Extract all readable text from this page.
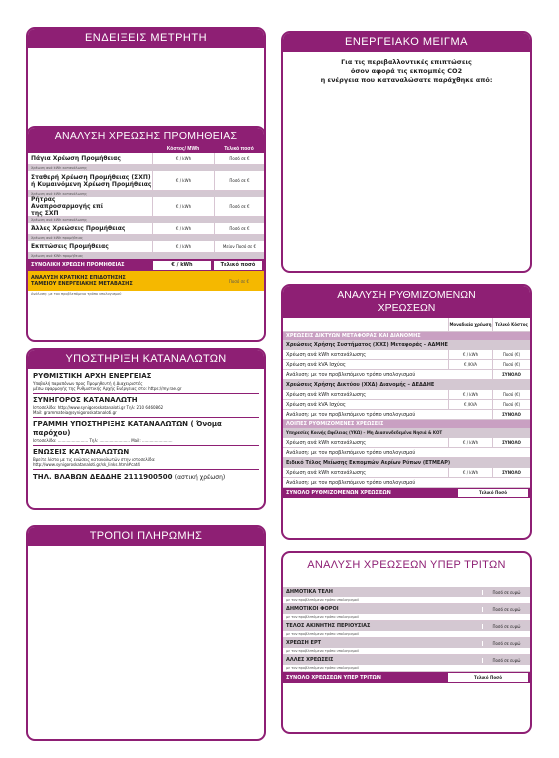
ΕΝΔΕΙΞΕΙΣ ΜΕΤΡΗΤΗ	ΕΝΕΡΓΕΙΑΚΟ ΜΕΙΓΜΑ
Για τις περιβαλλοντικές επιπτώσεις
όσον αφορά τις εκπομπές CO2
η ενέργεια που καταναλώσατε παράχθηκε από:
ΑΝΑΛΥΣΗ ΧΡΕΩΣΗΣ ΠΡΟΜΗΘΕΙΑΣ
Κόστος/ MWh	Τελικό ποσό
Πάγια Χρέωση Προμήθειας	€ / kWh	Ποσό σε €
Χρέωση ανά kWh κατανάλωσης
Σταθερή Χρέωση Προμήθειας (ΣΧΠ) ή Κυμαινόμενη Χρέωση Προμήθειας	€ / kWh	Ποσό σε €
Χρέωση ανά kWh κατανάλωσης
Ρήτρας Αναπροσαρμογής επί της ΣΧΠ
€ / kWh	Ποσό σε €
Χρέωση ανά kWh κατανάλωσης
Άλλες Χρεώσεις Προμήθειας	€ / kWh	Ποσό σε €
Χρέωση ανά kWh προμήθειας
Εκπτώσεις Προμήθειας	€ / kWh	Μείον Ποσό σε €
Χρέωση ανά KWh προμήθειας
ΣΥΝΟΛΙΚΗ ΧΡΕΩΣΗ ΠΡΟΜΗΘΕΙΑΣ	€ / kWh	Τελικό ποσό
ΑΝΑΛΥΣΗ ΚΡΑΤΙΚΗΣ ΕΠΙΔΟΤΗΣΗΣ
ΤΑΜΕΙΟΥ ΕΝΕΡΓΕΙΑΚΗΣ ΜΕΤΑΒΑΣΗΣ	Ποσό σε €
Ανάλυση: με τον προβλεπόμενο τρόπο υπολογισμού
ΥΠΟΣΤΗΡΙΞΗ ΚΑΤΑΝΑΛΩΤΩΝ
ΡΥΘΜΙΣΤΙΚΗ ΑΡΧΗ ΕΝΕΡΓΕΙΑΣ
Υποβολή παραπόνων προς Προμηθευτή ή Διαχειριστές
μέσω εφαρμογής της Ρυθμιστικής Αρχής Ενέργειας στο: https://my.rae.gr
ΣΥΝΗΓΟΡΟΣ ΚΑΤΑΝΑΛΩΤΗ
Ιστοσελίδα: http://www.synigoroskatanaloti.gr Τηλ: 210 6460862
Mail: grammateia@synigoroskatanaloti.gr
ΓΡΑΜΜΗ ΥΠΟΣΤΗΡΙΞΗΣ ΚΑΤΑΝΑΛΩΤΩΝ ( Όνομα παρόχου)
Ιστοσελίδα: ........................ Τηλ: ........................ Mail: ........................
ΕΝΩΣΕΙΣ ΚΑΤΑΝΑΛΩΤΩΝ
Βρείτε λίστα με τις ενώσεις καταναλωτών στην ιστοσελίδα:
http://www.synigoroskatanaloti.gr/sk_links.html#cat4
ΤΗΛ. ΒΛΑΒΩΝ ΔΕΔΔΗΕ 2111900500 (αστική χρέωση)
ΤΡΟΠΟΙ ΠΛΗΡΩΜΗΣ
ΑΝΑΛΥΣΗ ΡΥΘΜΙΖΟΜΕΝΩΝ
ΧΡΕΩΣΕΩΝ
Μοναδιαία χρέωση Τελικό Κόστος
ΧΡΕΩΣΕΙΣ ΔΙΚΤΥΩΝ ΜΕΤΑΦΟΡΑΣ ΚΑΙ ΔΙΑΝΟΜΗΣ
Χρεώσεις Χρήσης Συστήματος (ΧΧΣ) Μεταφοράς - ΑΔΜΗΕ
Χρέωση ανά kWh κατανάλωσης	€ / kWh	Ποσό (€)
Χρέωση ανά kVA Ισχύος	€ /KVA	Ποσό (€)
Ανάλυση: με τον προβλεπόμενο τρόπο υπολογισμού	ΣΥΝΟΛΟ
Χρεώσεις Χρήσης Δικτύου (ΧΧΔ) Διανομής – ΔΕΔΔΗΕ
Χρέωση ανά kWh κατανάλωσης	€ / kWh	Ποσό (€)
Χρέωση ανά kVA Ισχύος	€ /KVA	Ποσό (€)
Ανάλυση: με τον προβλεπόμενο τρόπο υπολογισμού	ΣΥΝΟΛΟ
ΛΟΙΠΕΣ ΡΥΘΜΙΖΟΜΕΝΕΣ ΧΡΕΩΣΕΙΣ
Υπηρεσίες Κοινής Ωφέλειας (ΥΚΩ) – Μη Διασυνδεδεμένα Νησιά & ΚΟΤ
Χρέωση ανά kWh κατανάλωσης	€ / kWh	ΣΥΝΟΛΟ
Ανάλυση: με τον προβλεπόμενο τρόπο υπολογισμού
Ειδικό Τέλος Μείωσης Εκπομπών Αερίων Ρύπων (ΕΤΜΕΑΡ)
Χρέωση ανά kWh κατανάλωσης	€ / kWh	ΣΥΝΟΛΟ
Ανάλυση: με τον προβλεπόμενο τρόπο υπολογισμού
ΣΥΝΟΛΟ ΡΥΘΜΙΖΟΜΕΝΩΝ ΧΡΕΩΣΕΩΝ	Τελικό Ποσό
ΑΝΑΛΥΣΗ ΧΡΕΩΣΕΩΝ ΥΠΕΡ ΤΡΙΤΩΝ
ΔΗΜΟΤΙΚΑ ΤΕΛΗ	Ποσό σε ευρώ
με τον προβλεπόμενο τρόπο υπολογισμού
ΔΗΜΟΤΙΚΟΙ ΦΟΡΟΙ	Ποσό σε ευρώ
με τον προβλεπόμενο τρόπο υπολογισμού
ΤΕΛΟΣ ΑΚΙΝΗΤΗΣ ΠΕΡΙΟΥΣΙΑΣ	Ποσό σε ευρώ
με τον προβλεπόμενο τρόπο υπολογισμού
ΧΡΕΩΣΗ ΕΡΤ	Ποσό σε ευρώ
με τον προβλεπόμενο τρόπο υπολογισμού
ΑΛΛΕΣ ΧΡΕΩΣΕΙΣ	Ποσό σε ευρώ
με τον προβλεπόμενο τρόπο υπολογισμού
ΣΥΝΟΛΟ ΧΡΕΩΣΕΩΝ ΥΠΕΡ ΤΡΙΤΩΝ	Τελικό Ποσό
